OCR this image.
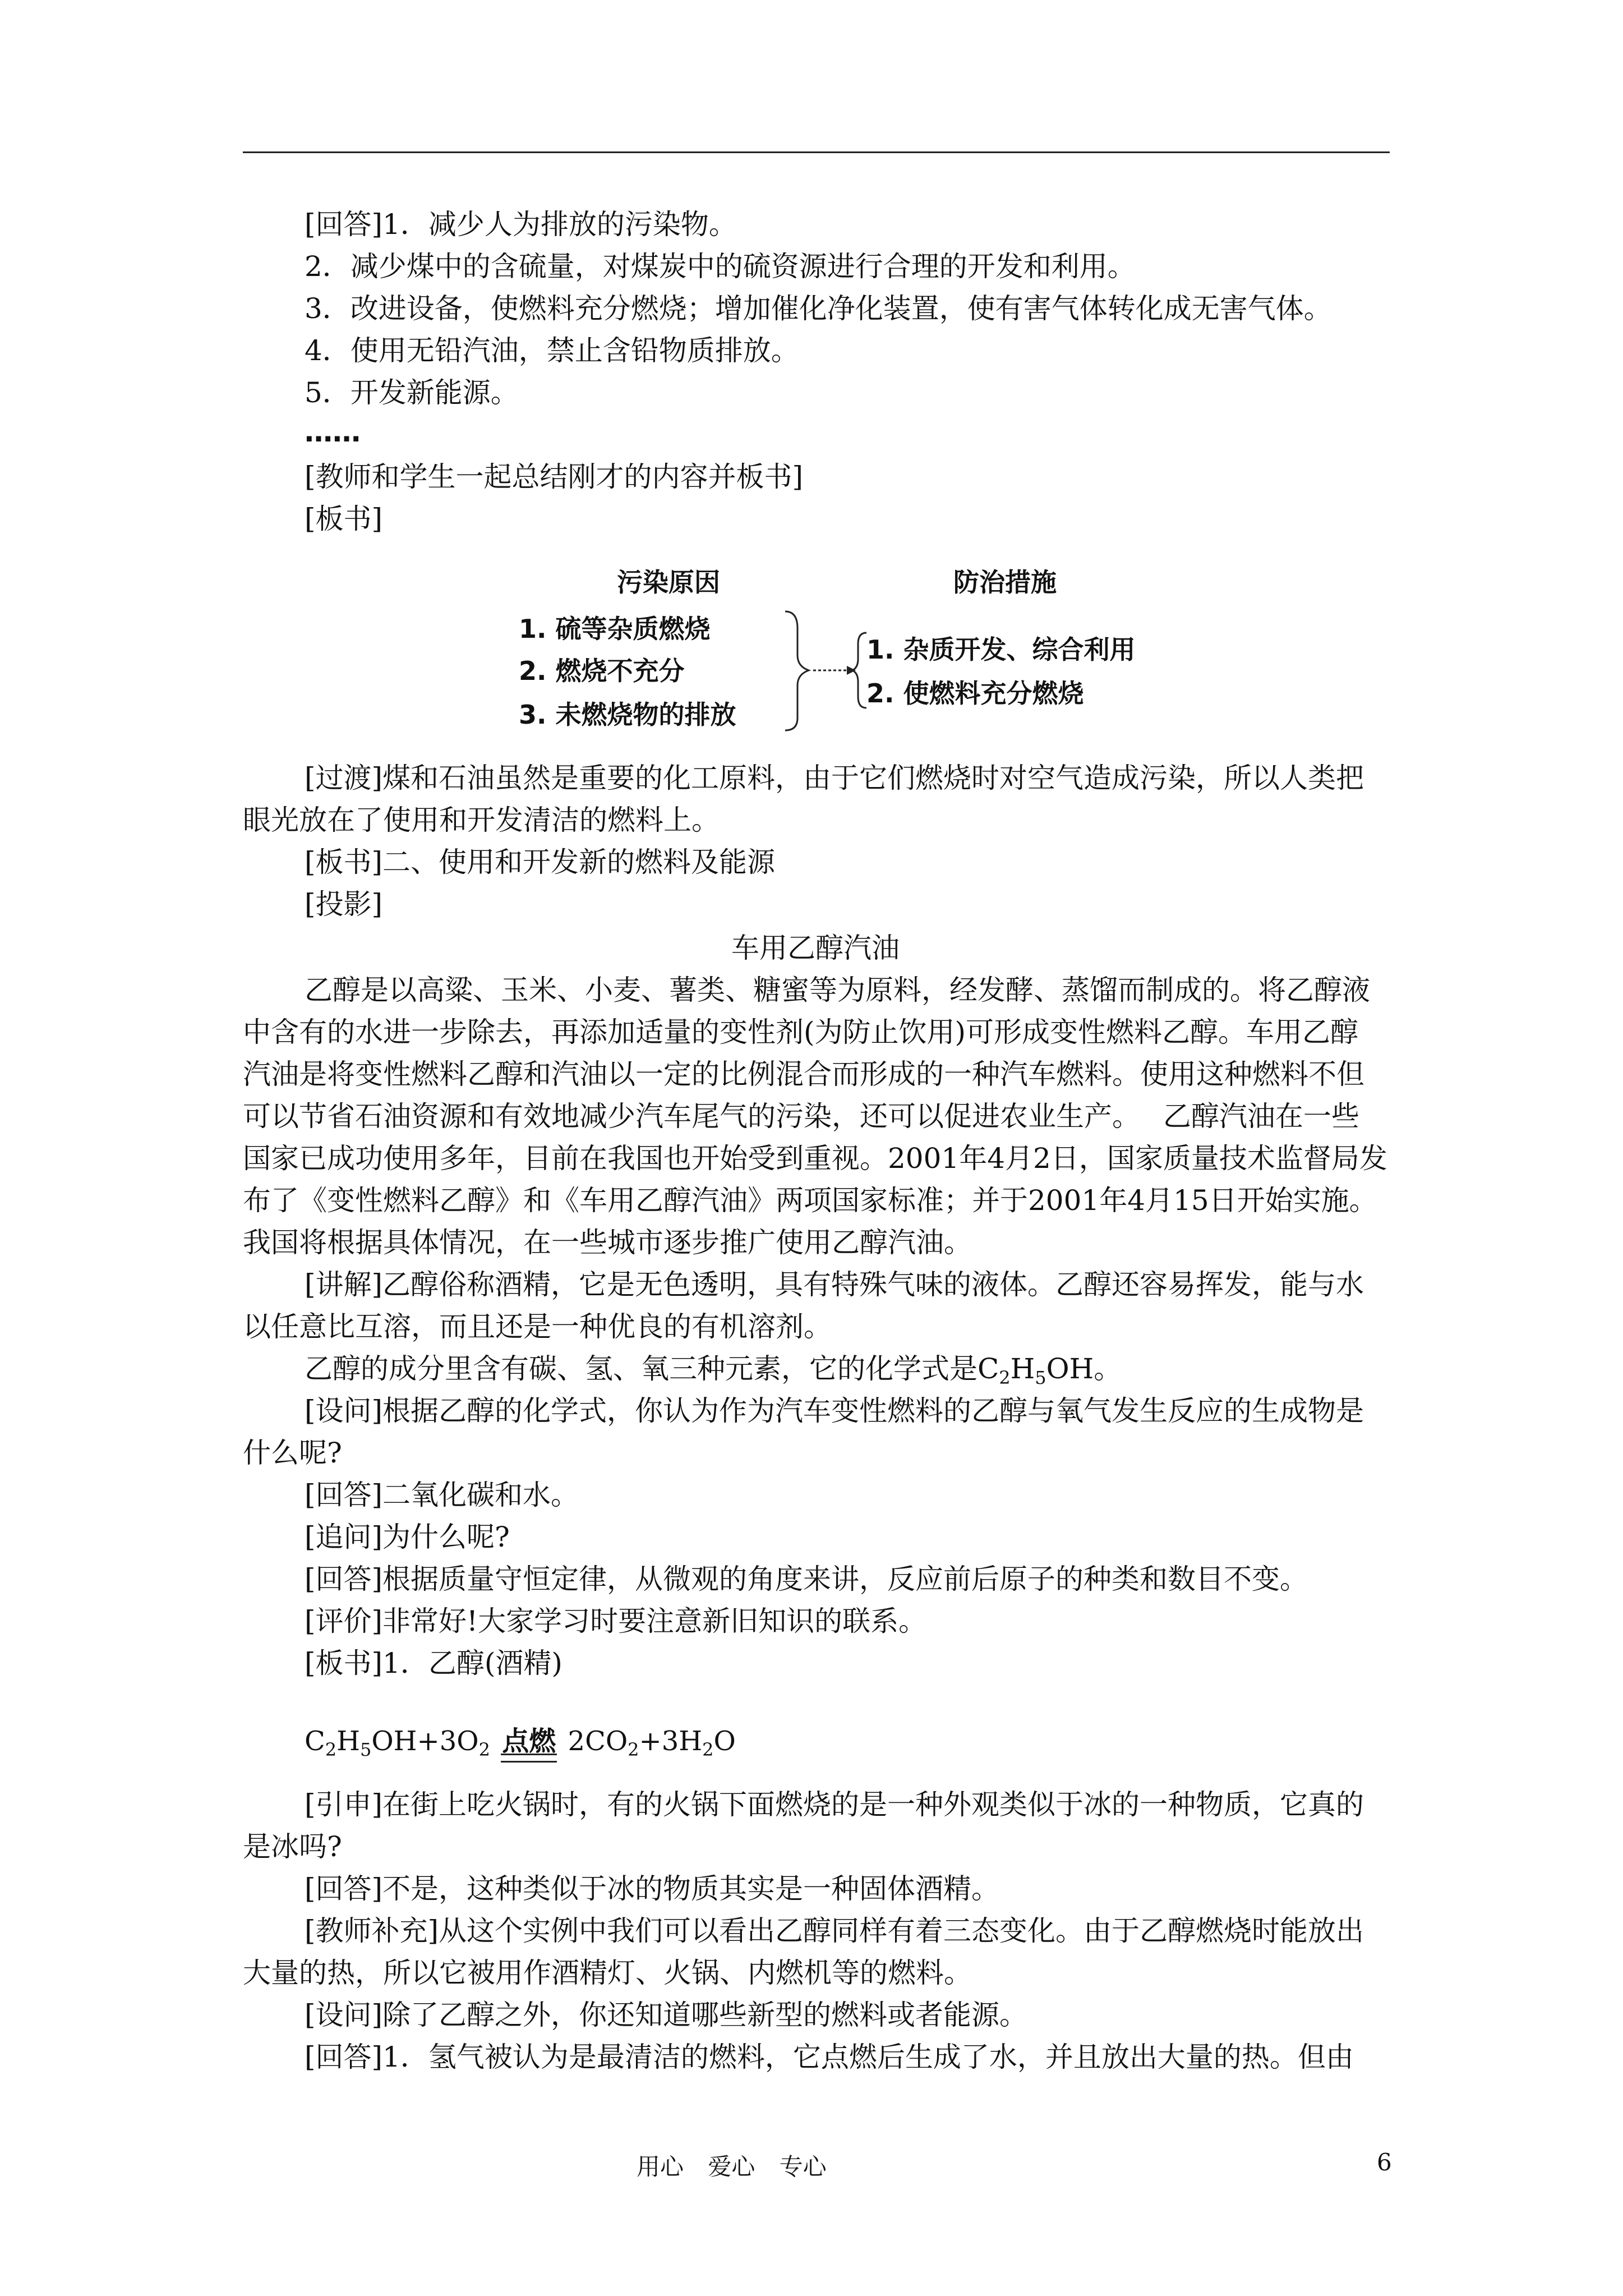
[回答]1．减少人为排放的污染物。
2．减少煤中的含硫量，对煤炭中的硫资源进行合理的开发和利用。
3．改进设备，使燃料充分燃烧；增加催化净化装置，使有害气体转化成无害气体。
4．使用无铅汽油，禁止含铅物质排放。
5．开发新能源。
……
[教师和学生一起总结刚才的内容并板书]
[板书]
污染原因	防治措施
1. 硫等杂质燃烧
2. 燃烧不充分
3. 未燃烧物的排放
1. 杂质开发、综合利用
2. 使燃料充分燃烧
[过渡]煤和石油虽然是重要的化工原料，由于它们燃烧时对空气造成污染，所以人类把
眼光放在了使用和开发清洁的燃料上。
[板书]二、使用和开发新的燃料及能源
[投影]
车用乙醇汽油
乙醇是以高粱、玉米、小麦、薯类、糖蜜等为原料，经发酵、蒸馏而制成的。将乙醇液
中含有的水进一步除去，再添加适量的变性剂(为防止饮用)可形成变性燃料乙醇。车用乙醇
汽油是将变性燃料乙醇和汽油以一定的比例混合而形成的一种汽车燃料。使用这种燃料不但
可以节省石油资源和有效地减少汽车尾气的污染，还可以促进农业生产。　 乙醇汽油在一些
国家已成功使用多年，目前在我国也开始受到重视。2001年4月2日，国家质量技术监督局发
布了《变性燃料乙醇》和《车用乙醇汽油》两项国家标准；并于2001年4月15日开始实施。
我国将根据具体情况，在一些城市逐步推广使用乙醇汽油。
[讲解]乙醇俗称酒精，它是无色透明，具有特殊气味的液体。乙醇还容易挥发，能与水
以任意比互溶，而且还是一种优良的有机溶剂。
乙醇的成分里含有碳、氢、氧三种元素，它的化学式是$C_2H_5OH$。
[设问]根据乙醇的化学式，你认为作为汽车变性燃料的乙醇与氧气发生反应的生成物是
什么呢?
[回答]二氧化碳和水。
[追问]为什么呢?
[回答]根据质量守恒定律，从微观的角度来讲，反应前后原子的种类和数目不变。
[评价]非常好!大家学习时要注意新旧知识的联系。
[板书]1．乙醇(酒精)
$C_2H_5OH+3O_2$ 点燃 $2CO_2+3H_2O$
[引申]在街上吃火锅时，有的火锅下面燃烧的是一种外观类似于冰的一种物质，它真的
是冰吗?
[回答]不是，这种类似于冰的物质其实是一种固体酒精。
[教师补充]从这个实例中我们可以看出乙醇同样有着三态变化。由于乙醇燃烧时能放出
大量的热，所以它被用作酒精灯、火锅、内燃机等的燃料。
[设问]除了乙醇之外，你还知道哪些新型的燃料或者能源。
[回答]1．氢气被认为是最清洁的燃料，它点燃后生成了水，并且放出大量的热。但由
用心 爱心 专心	6
